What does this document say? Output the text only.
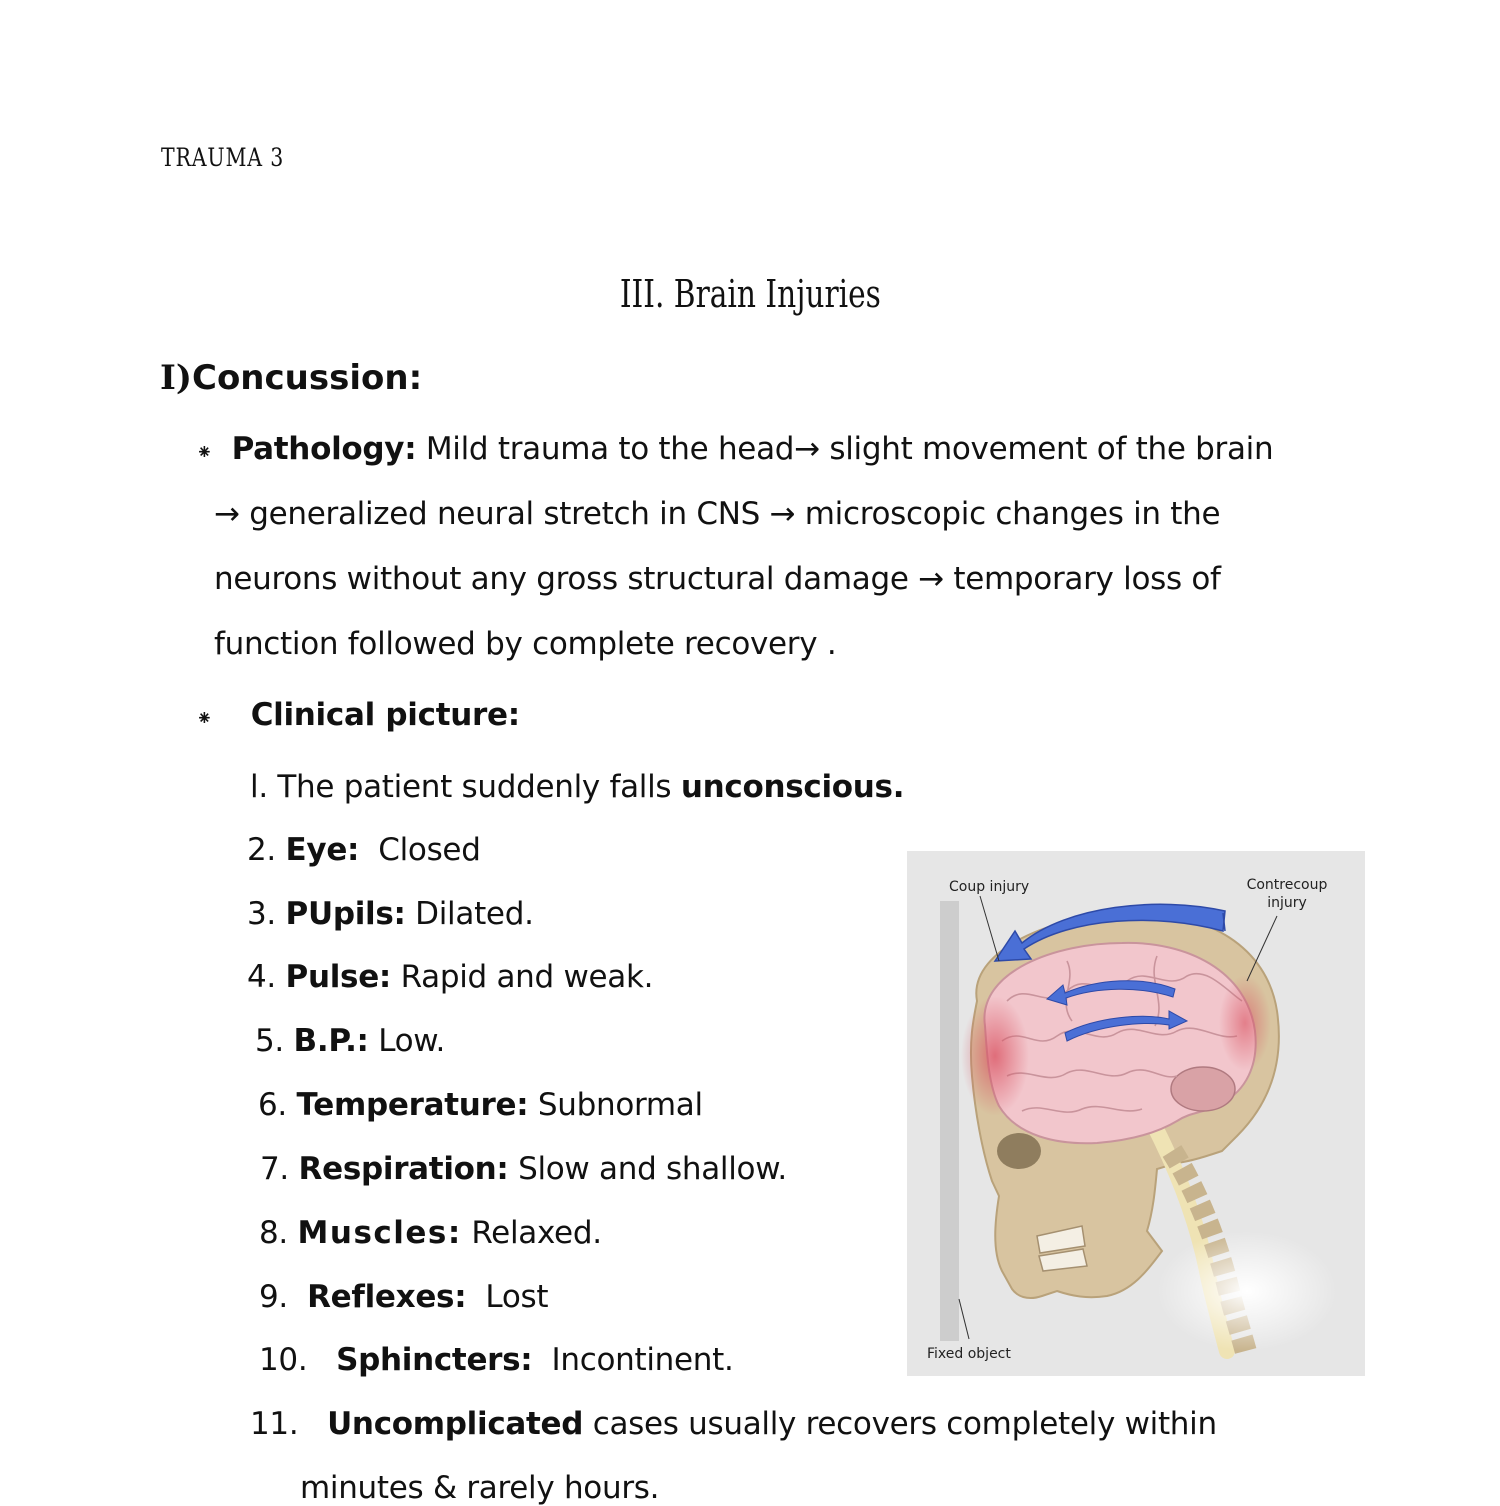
TRAUMA 3
III. Brain Injuries
I)Concussion:
⁕ Pathology: Mild trauma to the head→ slight movement of the brain
→ generalized neural stretch in CNS → microscopic changes in the
neurons without any gross structural damage → temporary loss of
function followed by complete recovery .
⁕ Clinical picture:
l. The patient suddenly falls unconscious.
2. Eye:  Closed
3. PUpils: Dilated.
4. Pulse: Rapid and weak.
5. B.P.: Low.
6. Temperature: Subnormal
7. Respiration: Slow and shallow.
8. Muscles: Relaxed.
9.  Reflexes:  Lost
10.   Sphincters:  Incontinent.
11.   Uncomplicated cases usually recovers completely within
minutes & rarely hours.
Coup injury	Contrecoup
injury
Fixed object
